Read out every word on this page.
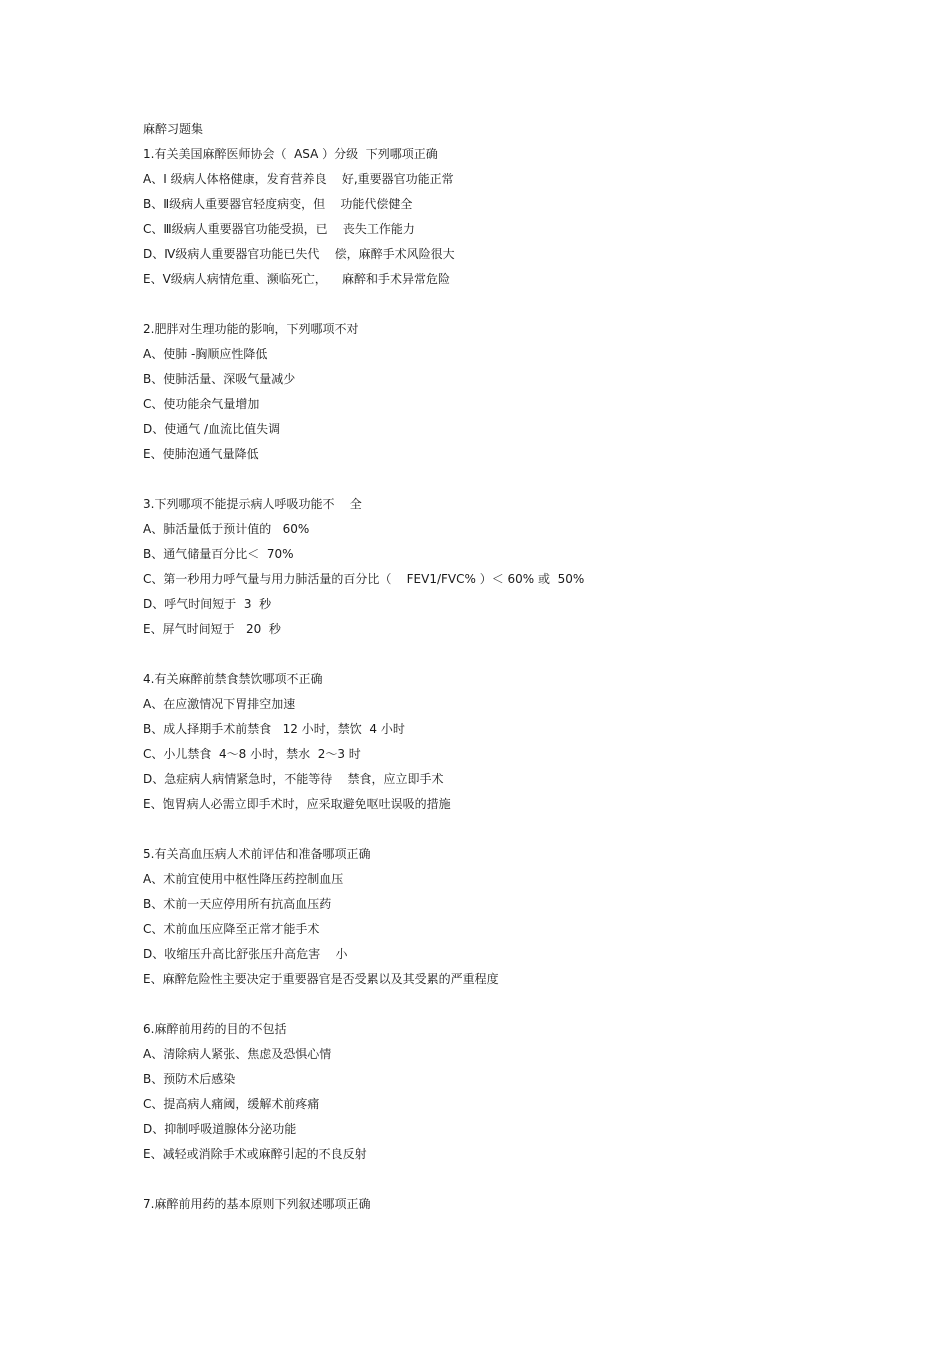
麻醉习题集

1.有关美国麻醉医师协会（  ASA ）分级  下列哪项正确

A、Ⅰ 级病人体格健康，发育营养良    好,重要器官功能正常

B、Ⅱ级病人重要器官轻度病变，但    功能代偿健全

C、Ⅲ级病人重要器官功能受损，已    丧失工作能力

D、Ⅳ级病人重要器官功能已失代    偿，麻醉手术风险很大

E、Ⅴ级病人病情危重、濒临死亡，    麻醉和手术异常危险

2.肥胖对生理功能的影响，下列哪项不对

A、使肺 -胸顺应性降低

B、使肺活量、深吸气量减少

C、使功能余气量增加

D、使通气 /血流比值失调

E、使肺泡通气量降低

3.下列哪项不能提示病人呼吸功能不    全

A、肺活量低于预计值的   60%

B、通气储量百分比＜  70%

C、第一秒用力呼气量与用力肺活量的百分比（    FEV1/FVC% ）＜ 60% 或  50%

D、呼气时间短于  3  秒

E、屏气时间短于   20  秒

4.有关麻醉前禁食禁饮哪项不正确

A、在应激情况下胃排空加速

B、成人择期手术前禁食   12 小时，禁饮  4 小时

C、小儿禁食  4～8 小时，禁水  2～3 时

D、急症病人病情紧急时，不能等待    禁食，应立即手术

E、饱胃病人必需立即手术时，应采取避免呕吐误吸的措施

5.有关高血压病人术前评估和准备哪项正确

A、术前宜使用中枢性降压药控制血压

B、术前一天应停用所有抗高血压药

C、术前血压应降至正常才能手术

D、收缩压升高比舒张压升高危害    小

E、麻醉危险性主要决定于重要器官是否受累以及其受累的严重程度

6.麻醉前用药的目的不包括

A、清除病人紧张、焦虑及恐惧心情

B、预防术后感染

C、提高病人痛阈，缓解术前疼痛

D、抑制呼吸道腺体分泌功能

E、减轻或消除手术或麻醉引起的不良反射

7.麻醉前用药的基本原则下列叙述哪项正确
